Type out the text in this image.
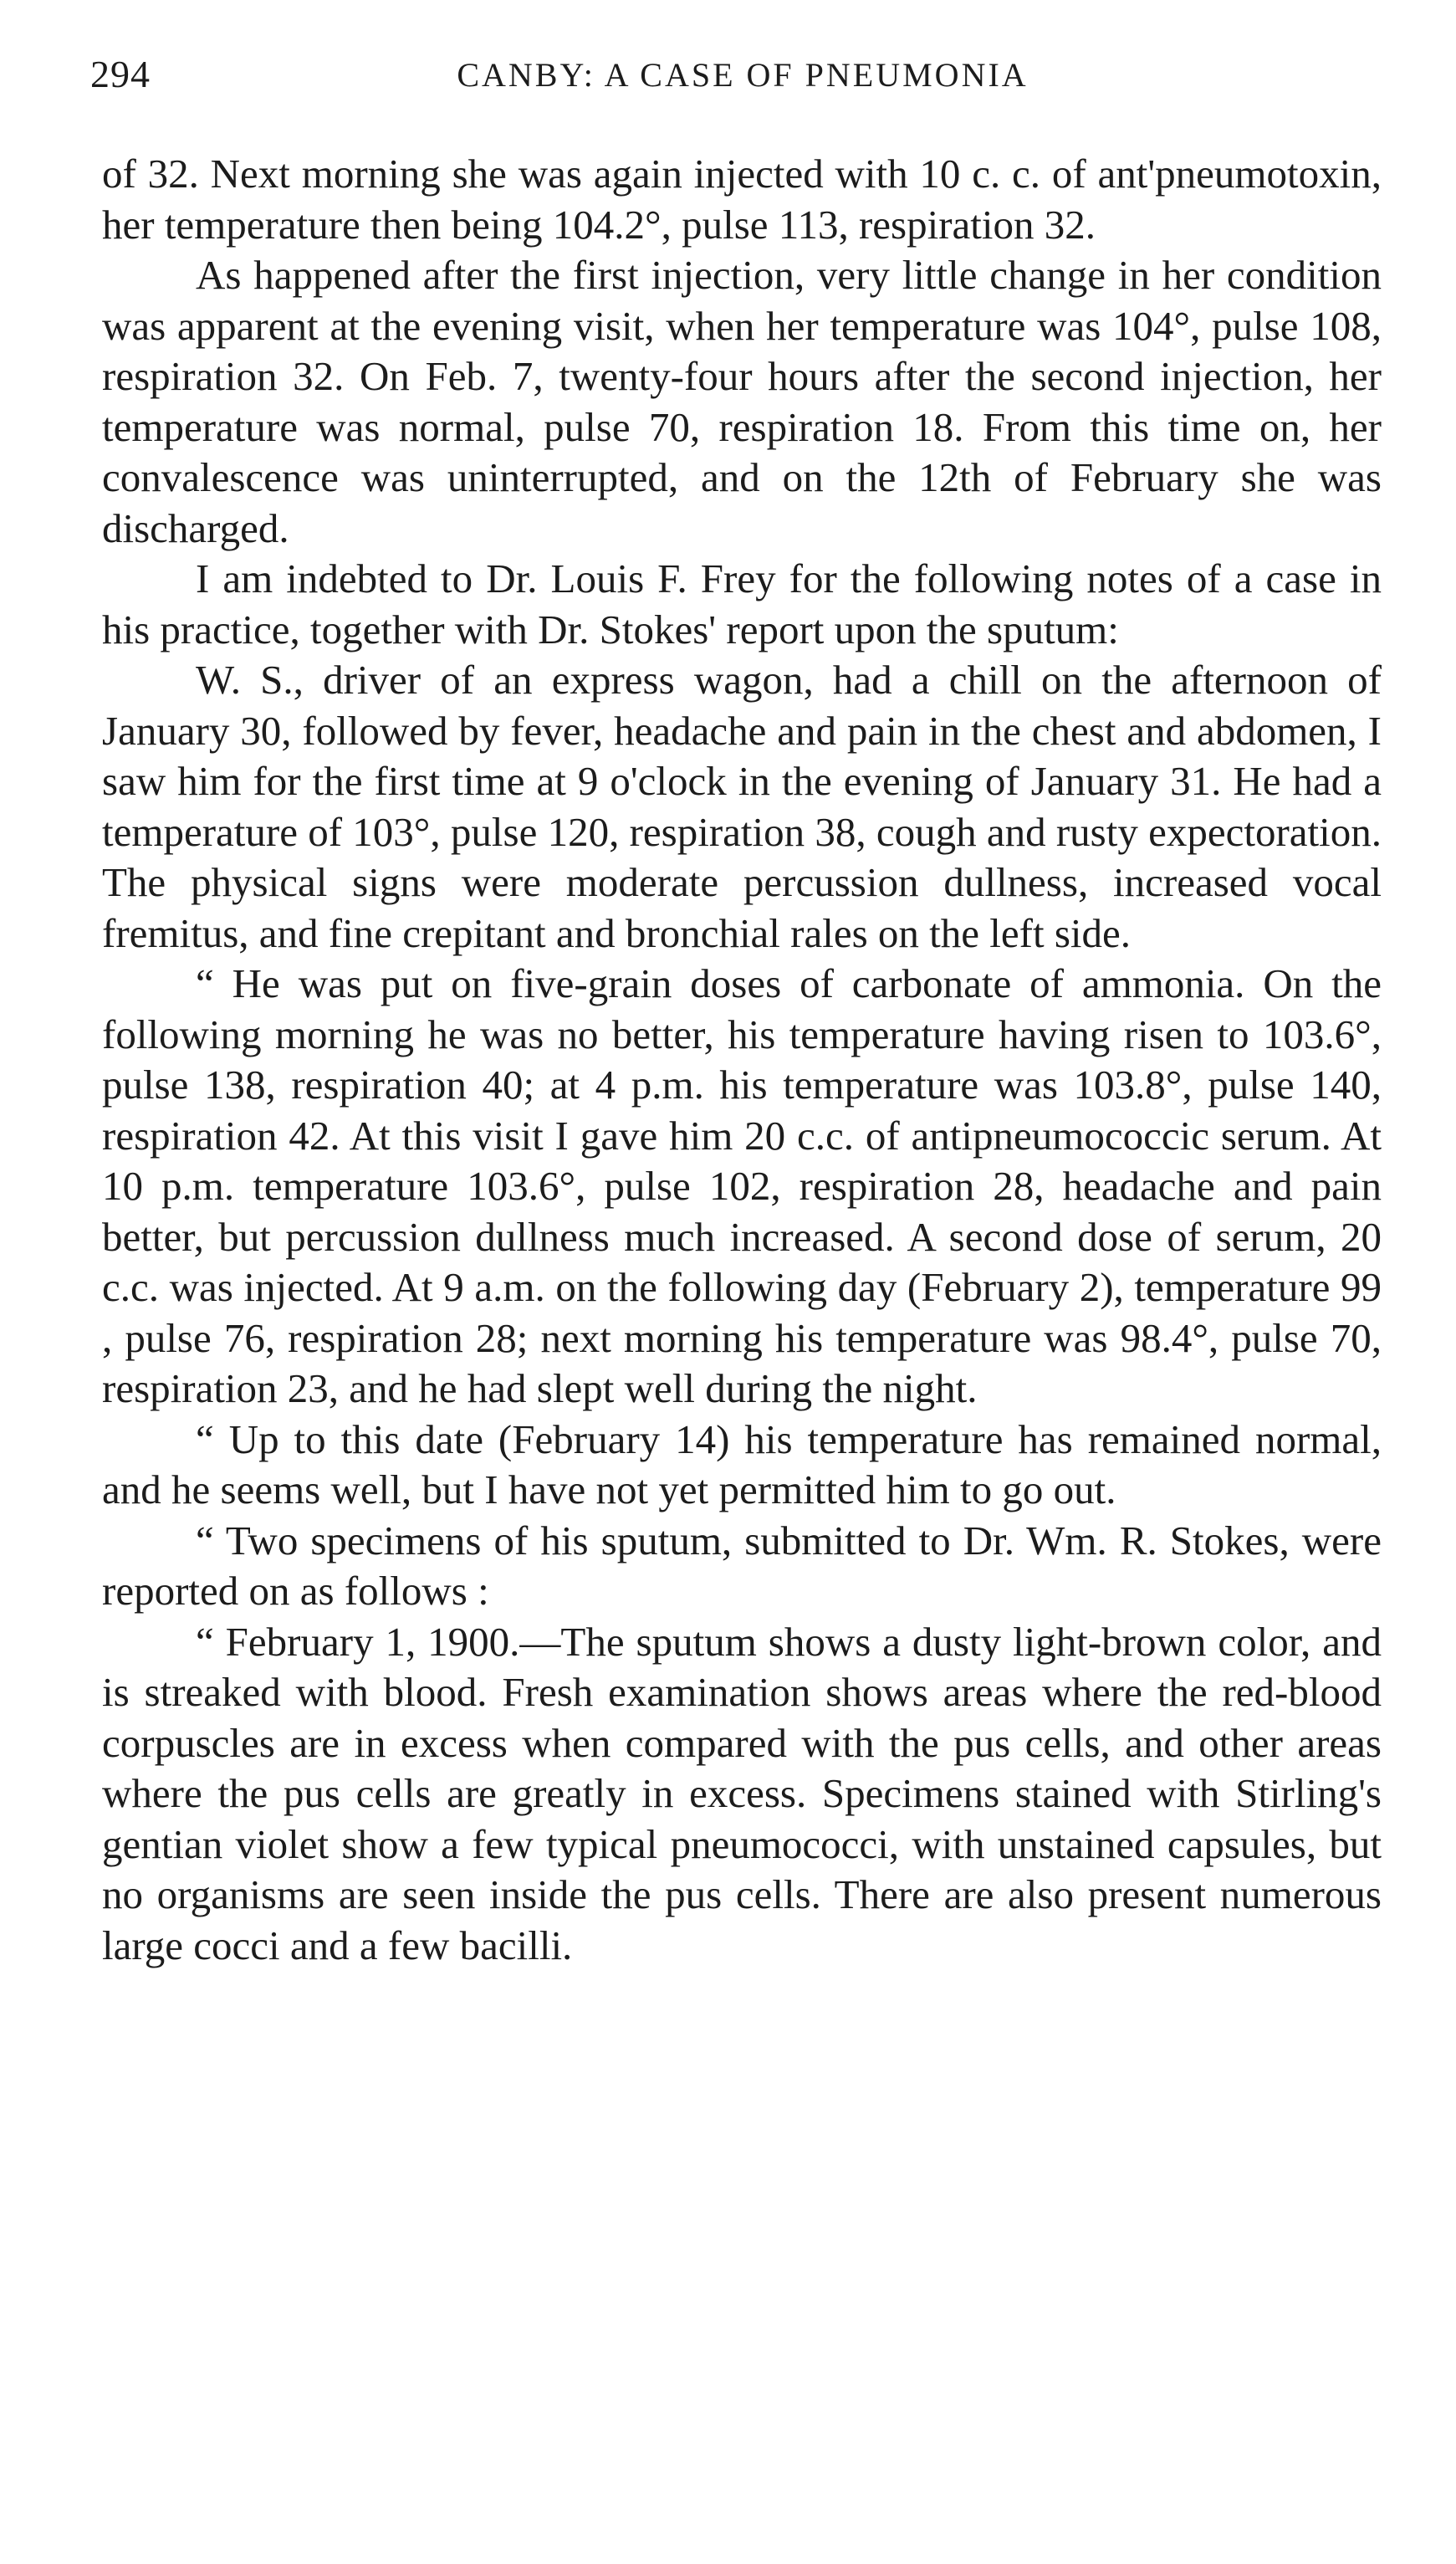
294	CANBY: A CASE OF PNEUMONIA

of 32. Next morning she was again injected with 10 c. c. of ant'pneumotoxin, her temperature then being 104.2°, pulse 113, respiration 32.

As happened after the first injection, very little change in her condition was apparent at the evening visit, when her temperature was 104°, pulse 108, respiration 32. On Feb. 7, twenty-four hours after the second injection, her temperature was normal, pulse 70, respiration 18. From this time on, her convalescence was uninterrupted, and on the 12th of February she was discharged.

I am indebted to Dr. Louis F. Frey for the following notes of a case in his practice, together with Dr. Stokes' report upon the sputum:

W. S., driver of an express wagon, had a chill on the afternoon of January 30, followed by fever, headache and pain in the chest and abdomen, I saw him for the first time at 9 o'clock in the evening of January 31. He had a temperature of 103°, pulse 120, respiration 38, cough and rusty expectoration. The physical signs were moderate percussion dullness, increased vocal fremitus, and fine crepitant and bronchial rales on the left side.

“ He was put on five-grain doses of carbonate of ammonia. On the following morning he was no better, his temperature having risen to 103.6°, pulse 138, respiration 40; at 4 p.m. his temperature was 103.8°, pulse 140, respiration 42. At this visit I gave him 20 c.c. of antipneumococcic serum. At 10 p.m. temperature 103.6°, pulse 102, respiration 28, headache and pain better, but percussion dullness much increased. A second dose of serum, 20 c.c. was injected. At 9 a.m. on the following day (February 2), temperature 99 , pulse 76, respiration 28; next morning his temperature was 98.4°, pulse 70, respiration 23, and he had slept well during the night.

“ Up to this date (February 14) his temperature has remained normal, and he seems well, but I have not yet permitted him to go out.

“ Two specimens of his sputum, submitted to Dr. Wm. R. Stokes, were reported on as follows :

“ February 1, 1900.—The sputum shows a dusty light-brown color, and is streaked with blood. Fresh examination shows areas where the red-blood corpuscles are in excess when compared with the pus cells, and other areas where the pus cells are greatly in excess. Specimens stained with Stirling's gentian violet show a few typical pneumococci, with unstained capsules, but no organisms are seen inside the pus cells. There are also present numerous large cocci and a few bacilli.
